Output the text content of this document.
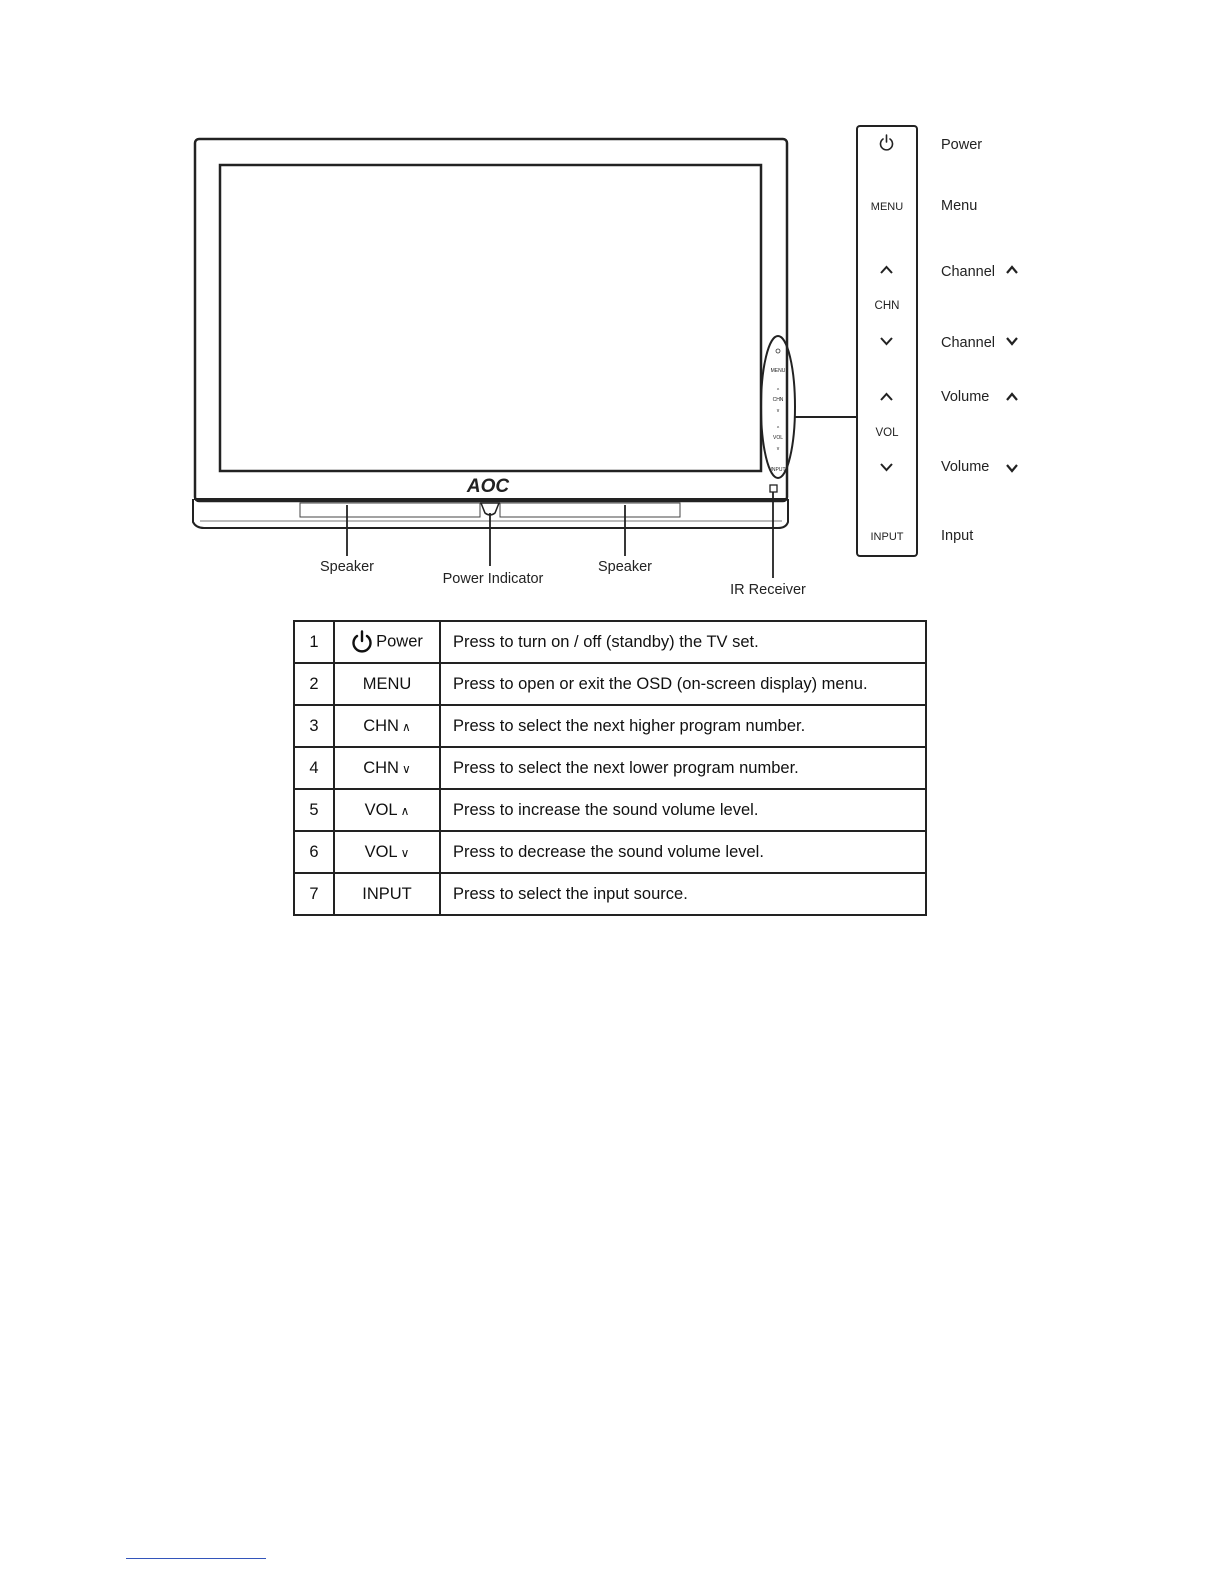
AOC
Speaker
Power Indicator
Speaker
IR Receiver
MENU
^
CHN
v
^
VOL
v
INPUT
MENU
CHN
VOL
INPUT
Power
Menu
Channel
Channel
Volume
Volume
Input
1	Power	Press to turn on / off (standby) the TV set.
2	MENU	Press to open or exit the OSD (on-screen display) menu.
3	CHN ∧	Press to select the next higher program number.
4	CHN ∨	Press to select the next lower program number.
5	VOL ∧	Press to increase the sound volume level.
6	VOL ∨	Press to decrease the sound volume level.
7	INPUT	Press to select the input source.
